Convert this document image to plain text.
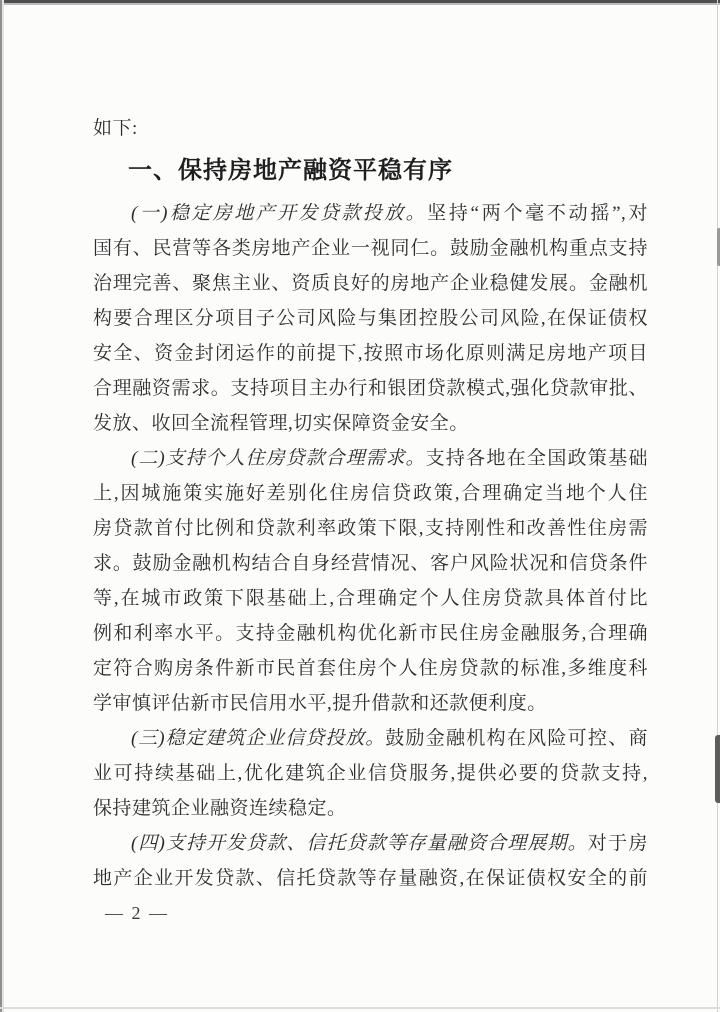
如下:
一、保持房地产融资平稳有序
(一)稳定房地产开发贷款投放。坚持“两个毫不动摇”,对
国有、民营等各类房地产企业一视同仁。鼓励金融机构重点支持
治理完善、聚焦主业、资质良好的房地产企业稳健发展。金融机
构要合理区分项目子公司风险与集团控股公司风险,在保证债权
安全、资金封闭运作的前提下,按照市场化原则满足房地产项目
合理融资需求。支持项目主办行和银团贷款模式,强化贷款审批、
发放、收回全流程管理,切实保障资金安全。
(二)支持个人住房贷款合理需求。支持各地在全国政策基础
上,因城施策实施好差别化住房信贷政策,合理确定当地个人住
房贷款首付比例和贷款利率政策下限,支持刚性和改善性住房需
求。鼓励金融机构结合自身经营情况、客户风险状况和信贷条件
等,在城市政策下限基础上,合理确定个人住房贷款具体首付比
例和利率水平。支持金融机构优化新市民住房金融服务,合理确
定符合购房条件新市民首套住房个人住房贷款的标准,多维度科
学审慎评估新市民信用水平,提升借款和还款便利度。
(三)稳定建筑企业信贷投放。鼓励金融机构在风险可控、商
业可持续基础上,优化建筑企业信贷服务,提供必要的贷款支持,
保持建筑企业融资连续稳定。
(四)支持开发贷款、信托贷款等存量融资合理展期。对于房
地产企业开发贷款、信托贷款等存量融资,在保证债权安全的前
— 2 —
